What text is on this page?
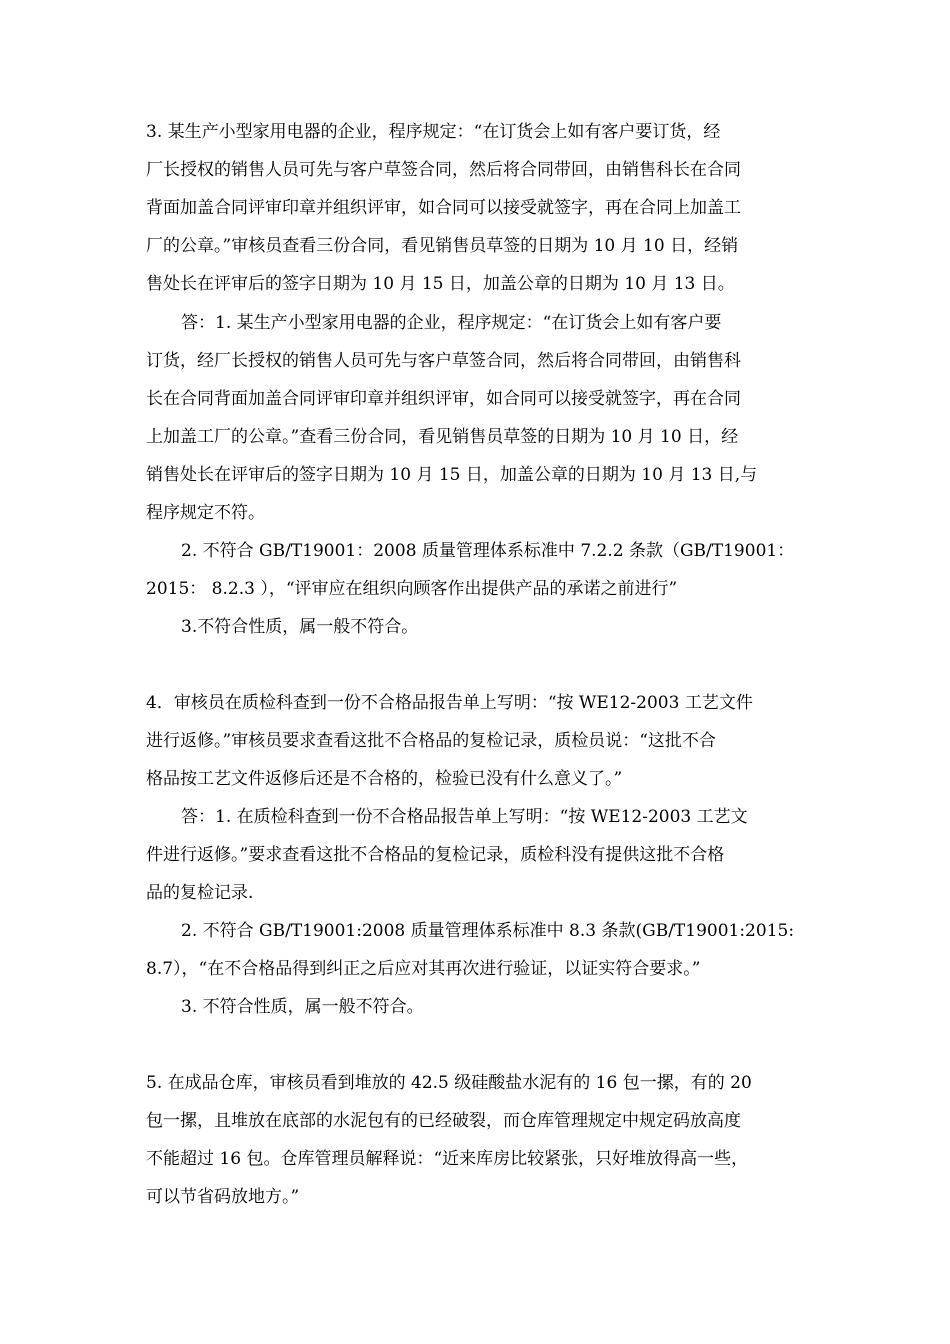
3. 某生产小型家用电器的企业，程序规定：“在订货会上如有客户要订货，经
厂长授权的销售人员可先与客户草签合同，然后将合同带回，由销售科长在合同
背面加盖合同评审印章并组织评审，如合同可以接受就签字，再在合同上加盖工
厂的公章。”审核员查看三份合同，看见销售员草签的日期为 10 月 10 日，经销
售处长在评审后的签字日期为 10 月 15 日，加盖公章的日期为 10 月 13 日。
答：1. 某生产小型家用电器的企业，程序规定：“在订货会上如有客户要
订货，经厂长授权的销售人员可先与客户草签合同，然后将合同带回，由销售科
长在合同背面加盖合同评审印章并组织评审，如合同可以接受就签字，再在合同
上加盖工厂的公章。”查看三份合同，看见销售员草签的日期为 10 月 10 日，经
销售处长在评审后的签字日期为 10 月 15 日，加盖公章的日期为 10 月 13 日,与
程序规定不符。
2. 不符合 GB/T19001：2008 质量管理体系标准中 7.2.2 条款（GB/T19001：
2015： 8.2.3 ），“评审应在组织向顾客作出提供产品的承诺之前进行”
3.不符合性质，属一般不符合。
4．审核员在质检科查到一份不合格品报告单上写明：“按 WE12-2003 工艺文件
进行返修。”审核员要求查看这批不合格品的复检记录，质检员说：“这批不合
格品按工艺文件返修后还是不合格的，检验已没有什么意义了。”
答：1. 在质检科查到一份不合格品报告单上写明：“按 WE12-2003 工艺文
件进行返修。”要求查看这批不合格品的复检记录，质检科没有提供这批不合格
品的复检记录.
2. 不符合 GB/T19001:2008 质量管理体系标准中 8.3 条款(GB/T19001:2015:
8.7），“在不合格品得到纠正之后应对其再次进行验证，以证实符合要求。”
3. 不符合性质，属一般不符合。
5. 在成品仓库，审核员看到堆放的 42.5 级硅酸盐水泥有的 16 包一摞，有的 20
包一摞，且堆放在底部的水泥包有的已经破裂，而仓库管理规定中规定码放高度
不能超过 16 包。仓库管理员解释说：“近来库房比较紧张，只好堆放得高一些，
可以节省码放地方。”
